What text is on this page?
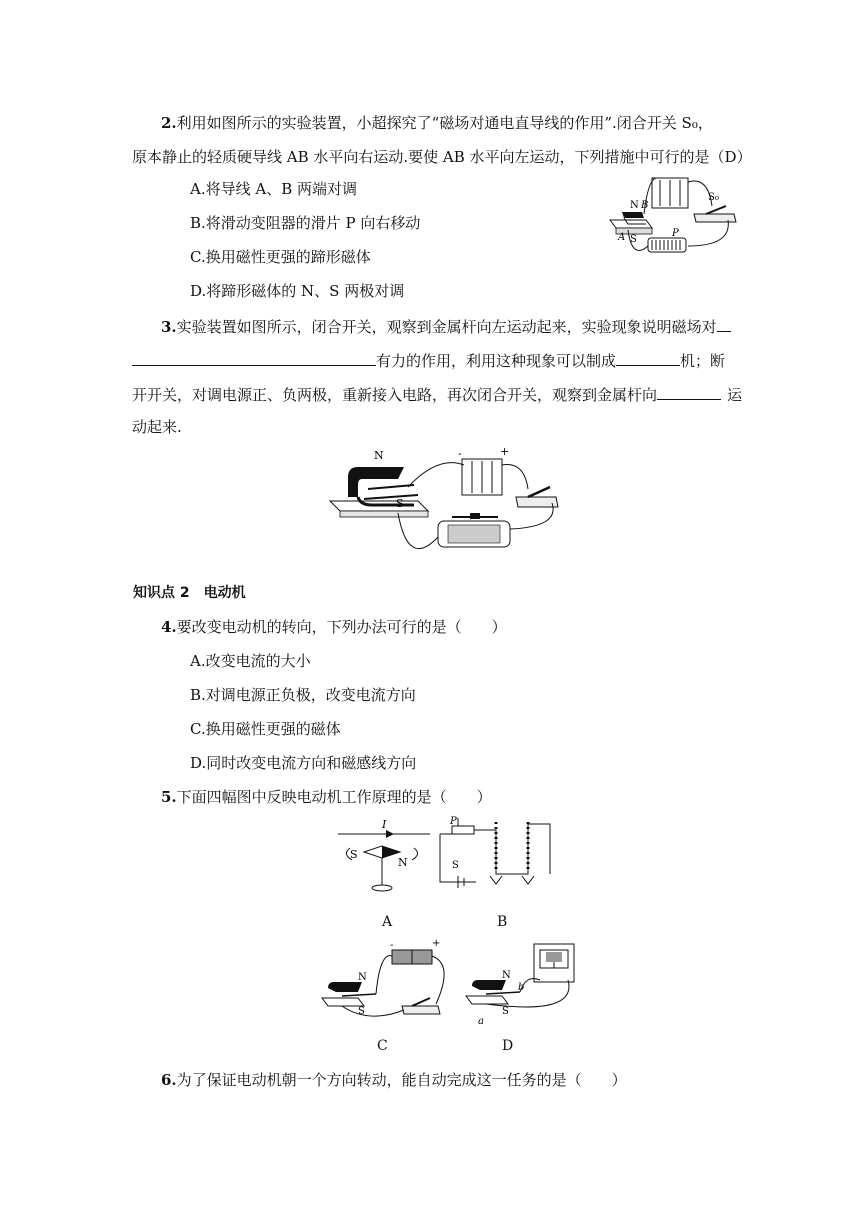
2.利用如图所示的实验装置，小超探究了“磁场对通电直导线的作用”.闭合开关 S₀，
原本静止的轻质硬导线 AB 水平向右运动.要使 AB 水平向左运动，下列措施中可行的是（D）
A.将导线 A、B 两端对调
B.将滑动变阻器的滑片 P 向右移动
C.换用磁性更强的蹄形磁体
D.将蹄形磁体的 N、S 两极对调
N B
A S
P
S₀
3.实验装置如图所示，闭合开关，观察到金属杆向左运动起来，实验现象说明磁场对
有力的作用，利用这种现象可以制成	机；断
开开关，对调电源正、负两极，重新接入电路，再次闭合开关，观察到金属杆向	运
动起来.
N
S
-	+
知识点 2　电动机
4.要改变电动机的转向，下列办法可行的是（　　）
A.改变电流的大小
B.对调电源正负极，改变电流方向
C.换用磁性更强的磁体
D.同时改变电流方向和磁感线方向
5.下面四幅图中反映电动机工作原理的是（　　）
I
S
N
A
P
S
B
N
S
-	+
C
N
S
a
b
D
6.为了保证电动机朝一个方向转动，能自动完成这一任务的是（　　）
